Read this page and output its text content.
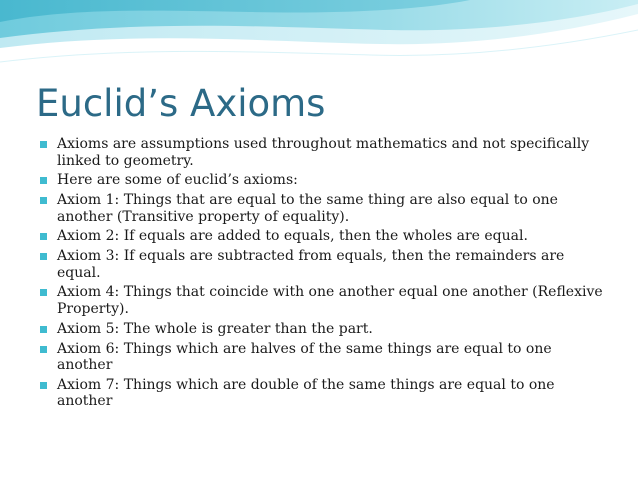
Euclid’s Axioms
Axioms are assumptions used throughout mathematics and not specifically linked to geometry.
Here are some of euclid’s axioms:
Axiom 1: Things that are equal to the same thing are also equal to one another (Transitive property of equality).
Axiom 2: If equals are added to equals, then the wholes are equal.
Axiom 3: If equals are subtracted from equals, then the remainders are equal.
Axiom 4: Things that coincide with one another equal one another (Reflexive Property).
Axiom 5: The whole is greater than the part.
Axiom 6: Things which are halves of the same things are equal to one another
Axiom 7: Things which are double of the same things are equal to one another
